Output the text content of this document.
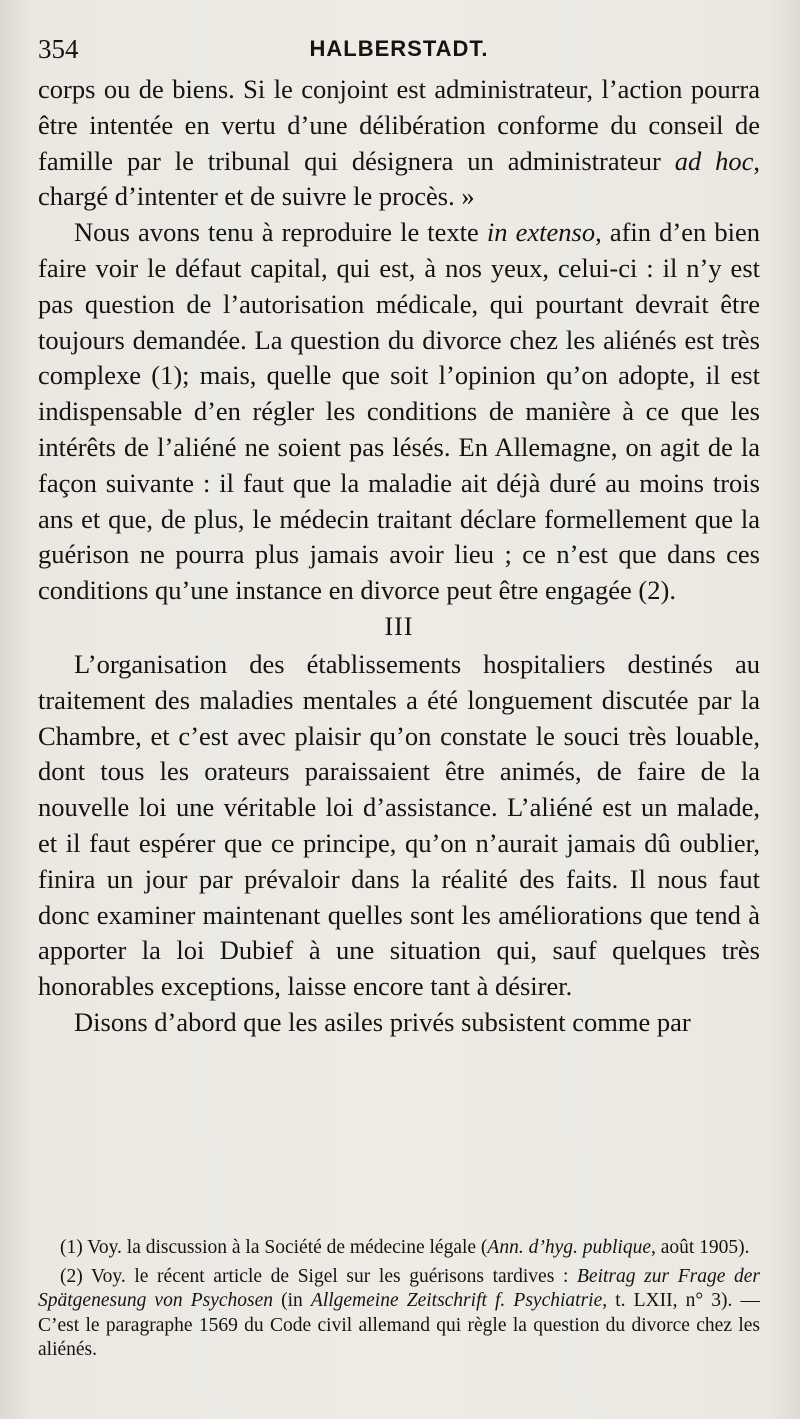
354	HALBERSTADT.

corps ou de biens. Si le conjoint est administrateur, l’action pourra être intentée en vertu d’une délibération conforme du conseil de famille par le tribunal qui désignera un administrateur ad hoc, chargé d’intenter et de suivre le procès. »

Nous avons tenu à reproduire le texte in extenso, afin d’en bien faire voir le défaut capital, qui est, à nos yeux, celui-ci : il n’y est pas question de l’autorisation médicale, qui pourtant devrait être toujours demandée. La question du divorce chez les aliénés est très complexe (1); mais, quelle que soit l’opinion qu’on adopte, il est indispensable d’en régler les conditions de manière à ce que les intérêts de l’aliéné ne soient pas lésés. En Allemagne, on agit de la façon suivante : il faut que la maladie ait déjà duré au moins trois ans et que, de plus, le médecin traitant déclare formellement que la guérison ne pourra plus jamais avoir lieu ; ce n’est que dans ces conditions qu’une instance en divorce peut être engagée (2).

III

L’organisation des établissements hospitaliers destinés au traitement des maladies mentales a été longuement discutée par la Chambre, et c’est avec plaisir qu’on constate le souci très louable, dont tous les orateurs paraissaient être animés, de faire de la nouvelle loi une véritable loi d’assistance. L’aliéné est un malade, et il faut espérer que ce principe, qu’on n’aurait jamais dû oublier, finira un jour par prévaloir dans la réalité des faits. Il nous faut donc examiner maintenant quelles sont les améliorations que tend à apporter la loi Dubief à une situation qui, sauf quelques très honorables exceptions, laisse encore tant à désirer.

Disons d’abord que les asiles privés subsistent comme par

(1) Voy. la discussion à la Société de médecine légale (Ann. d’hyg. publique, août 1905).

(2) Voy. le récent article de Sigel sur les guérisons tardives : Beitrag zur Frage der Spätgenesung von Psychosen (in Allgemeine Zeitschrift f. Psychiatrie, t. LXII, n° 3). — C’est le paragraphe 1569 du Code civil allemand qui règle la question du divorce chez les aliénés.
